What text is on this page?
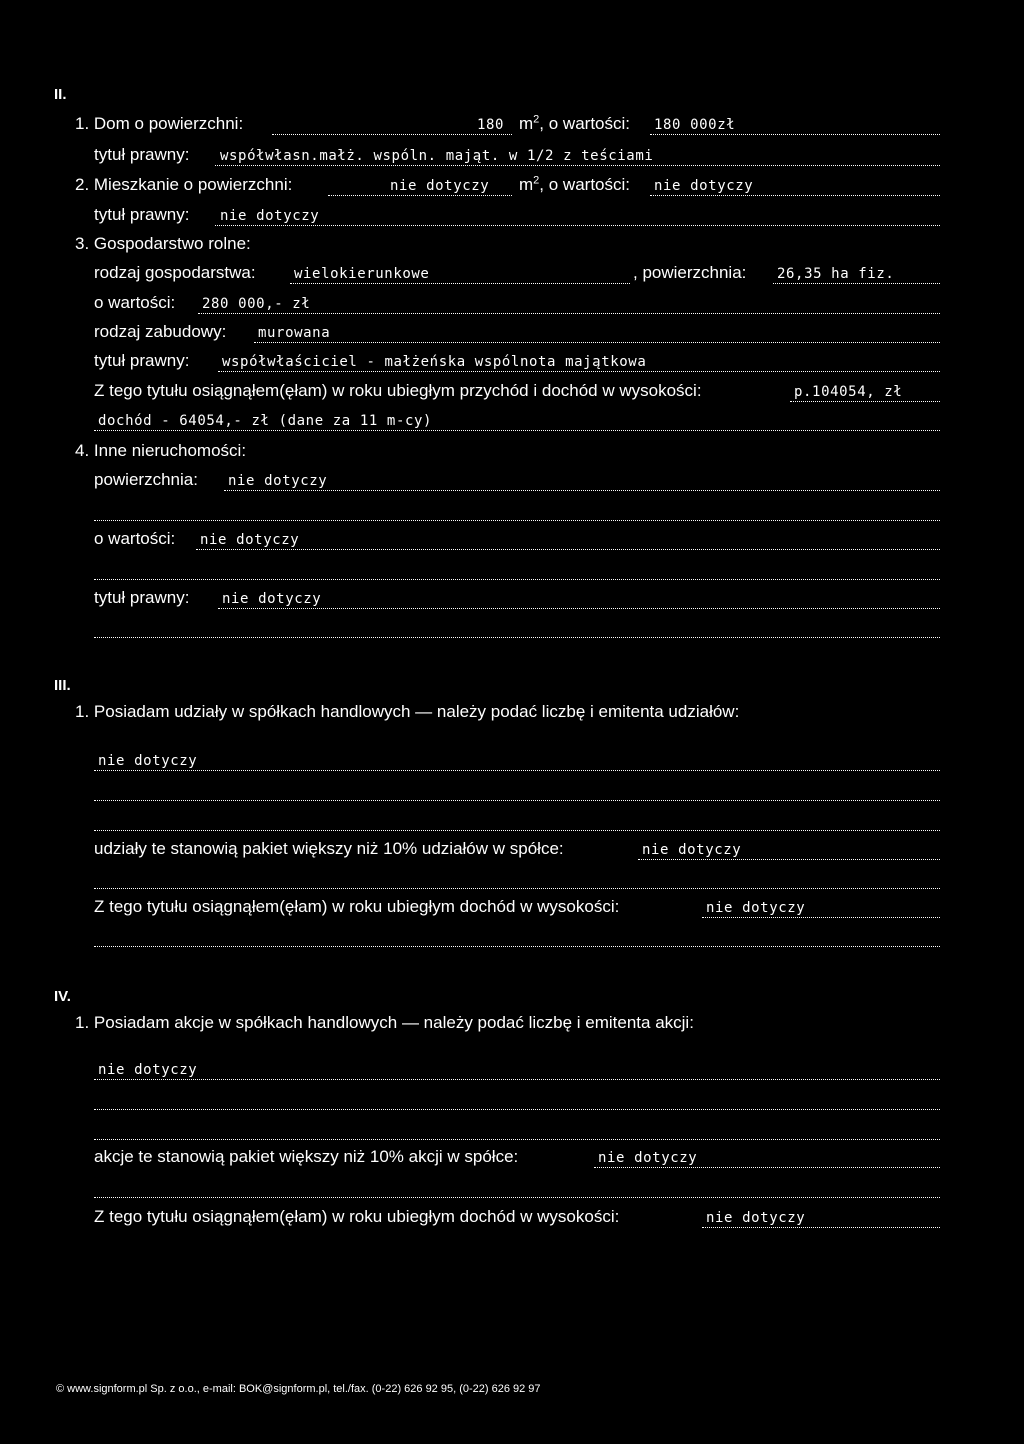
II.
1. Dom o powierzchni:	180 $m^2$, o wartości: 180 000zł
tytuł prawny: współwłasn.małż. wspóln. mająt. w 1/2 z teściami
2. Mieszkanie o powierzchni:	nie dotyczy $m^2$, o wartości: nie dotyczy
tytuł prawny: nie dotyczy
3. Gospodarstwo rolne:
rodzaj gospodarstwa:	wielokierunkowe	, powierzchnia: 26,35 ha fiz.
o wartości: 280 000,- zł
rodzaj zabudowy: murowana
tytuł prawny: współwłaściciel - małżeńska wspólnota majątkowa
Z tego tytułu osiągnąłem(ęłam) w roku ubiegłym przychód i dochód w wysokości:	p.104054, zł
dochód - 64054,- zł (dane za 11 m-cy)
4. Inne nieruchomości:
powierzchnia: nie dotyczy
o wartości: nie dotyczy
tytuł prawny: nie dotyczy
III.
1. Posiadam udziały w spółkach handlowych — należy podać liczbę i emitenta udziałów:
nie dotyczy
udziały te stanowią pakiet większy niż 10% udziałów w spółce:	nie dotyczy
Z tego tytułu osiągnąłem(ęłam) w roku ubiegłym dochód w wysokości:	nie dotyczy
IV.
1. Posiadam akcje w spółkach handlowych — należy podać liczbę i emitenta akcji:
nie dotyczy
akcje te stanowią pakiet większy niż 10% akcji w spółce:	nie dotyczy
Z tego tytułu osiągnąłem(ęłam) w roku ubiegłym dochód w wysokości:	nie dotyczy
© www.signform.pl Sp. z o.o., e-mail: BOK@signform.pl, tel./fax. (0-22) 626 92 95, (0-22) 626 92 97
